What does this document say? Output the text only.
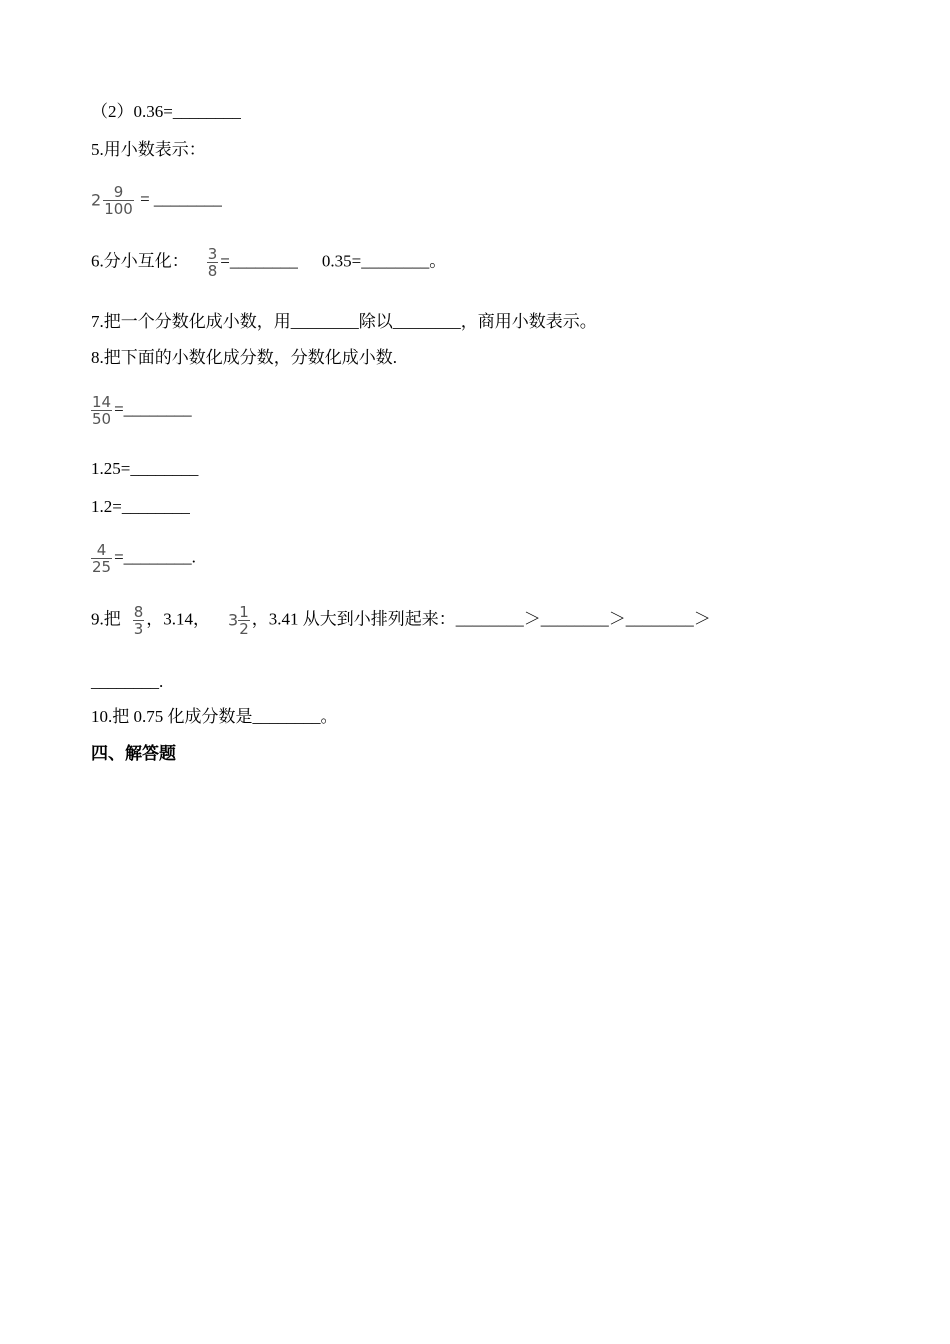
（2）0.36=________
5.用小数表示：
$2 \frac{9}{100}$ = ________
6.分小互化： $\frac{3}{8}$ =________ 0.35=________。
7.把一个分数化成小数，用________除以________，商用小数表示。
8.把下面的小数化成分数，分数化成小数.
$\frac{14}{50}$ =________
1.25=________
1.2=________
$\frac{4}{25}$ =________.
9.把 $\frac{8}{3}$ ，3.14， $3 \frac{1}{2}$ ，3.41 从大到小排列起来：________＞________＞________＞
________.
10.把 0.75 化成分数是________。
四、解答题
